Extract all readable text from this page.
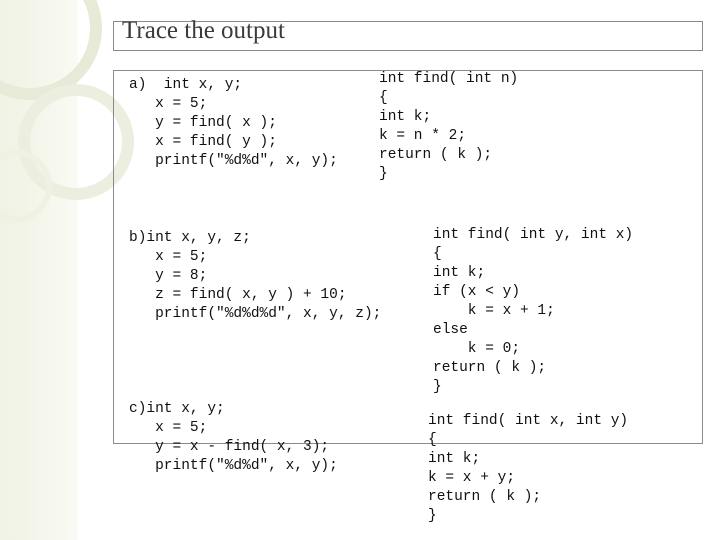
Trace the output
a)  int x, y;
x = 5;
y = find( x );
x = find( y );
printf("%d%d", x, y);
int find( int n)
{
int k;
k = n * 2;
return ( k );
}
b)int x, y, z;
x = 5;
y = 8;
z = find( x, y ) + 10;
printf("%d%d%d", x, y, z);
int find( int y, int x)
{
int k;
if (x < y)
k = x + 1;
else
k = 0;
return ( k );
}
c)int x, y;
x = 5;
y = x - find( x, 3);
printf("%d%d", x, y);
int find( int x, int y)
{
int k;
k = x + y;
return ( k );
}
